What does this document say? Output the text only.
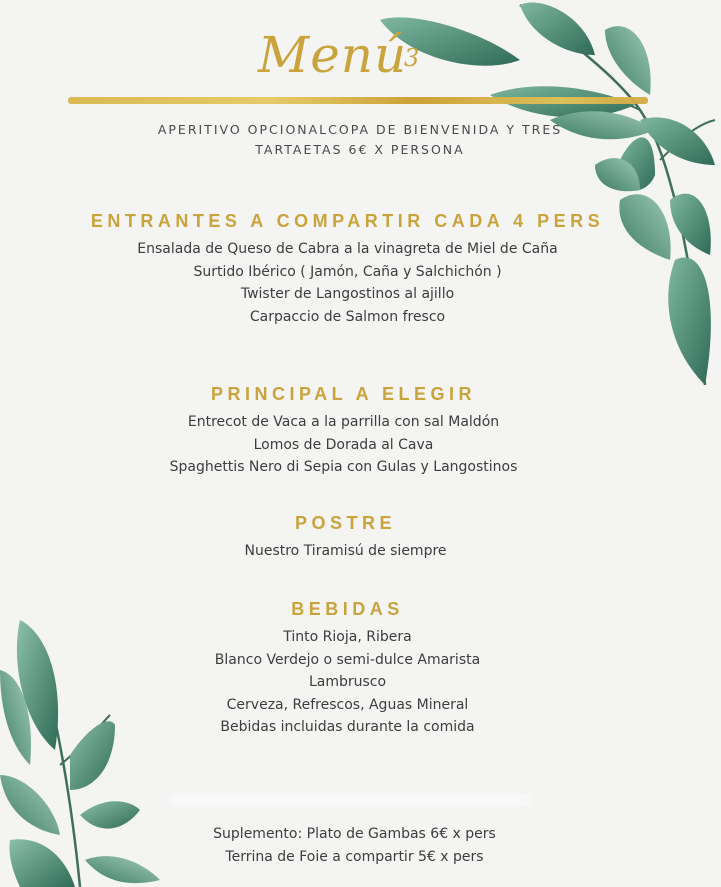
Menú
3
APERITIVO OPCIONALCOPA DE BIENVENIDA Y TRES
TARTAETAS 6€ X PERSONA
ENTRANTES A COMPARTIR CADA 4 PERS
Ensalada de Queso de Cabra a la vinagreta de Miel de Caña
Surtido Ibérico ( Jamón, Caña y Salchichón )
Twister de Langostinos al ajillo
Carpaccio de Salmon fresco
PRINCIPAL A ELEGIR
Entrecot de Vaca a la parrilla con sal Maldón
Lomos de Dorada al Cava
Spaghettis Nero di Sepia con Gulas y Langostinos
POSTRE
Nuestro Tiramisú de siempre
BEBIDAS
Tinto Rioja, Ribera
Blanco Verdejo o semi-dulce Amarista
Lambrusco
Cerveza, Refrescos, Aguas Mineral
Bebidas incluidas durante la comida
Suplemento: Plato de Gambas 6€ x pers
Terrina de Foie a compartir 5€ x pers
